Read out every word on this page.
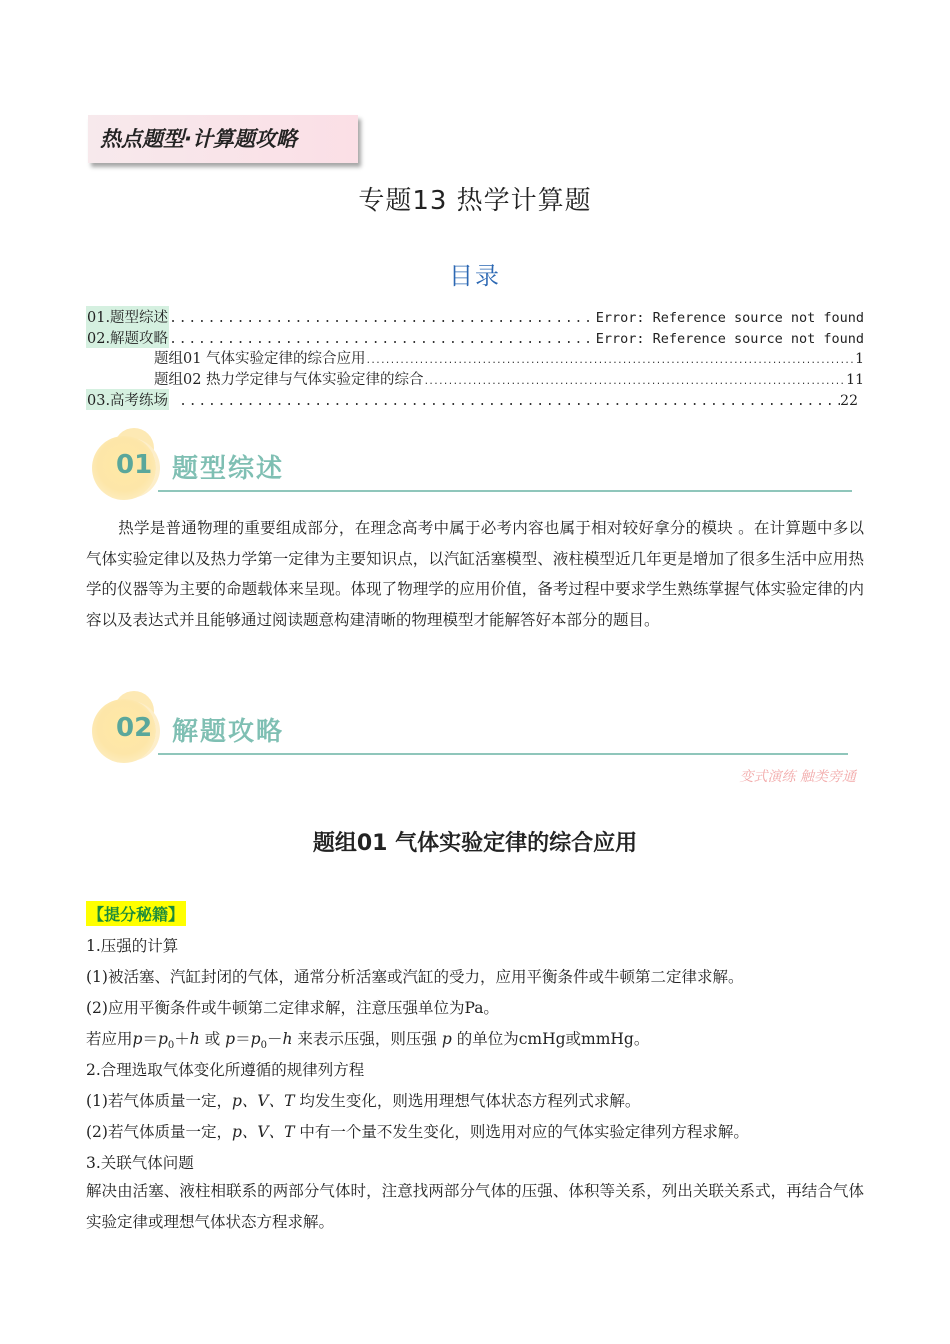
热点题型·计算题攻略
专题13 热学计算题
目录
01.题型综述 . . .	Error: Reference source not found
02.解题攻略 . . .	Error: Reference source not found
题组01 气体实验定律的综合应用 . . .	1
题组02 热力学定律与气体实验定律的综合 . . .	11
03.高考练场 . . .	22
01 题型综述
热学是普通物理的重要组成部分，在理念高考中属于必考内容也属于相对较好拿分的模块 。在计算题中多以气体实验定律以及热力学第一定律为主要知识点，以汽缸活塞模型、液柱模型近几年更是增加了很多生活中应用热学的仪器等为主要的命题载体来呈现。体现了物理学的应用价值，备考过程中要求学生熟练掌握气体实验定律的内容以及表达式并且能够通过阅读题意构建清晰的物理模型才能解答好本部分的题目。
02 解题攻略
变式演练 触类旁通
题组01 气体实验定律的综合应用
【提分秘籍】
1.压强的计算
(1)被活塞、汽缸封闭的气体，通常分析活塞或汽缸的受力，应用平衡条件或牛顿第二定律求解。
(2)应用平衡条件或牛顿第二定律求解，注意压强单位为Pa。
若应用$p=p_0+h$ 或 $p=p_0-h$ 来表示压强，则压强 p 的单位为cmHg或mmHg。
2.合理选取气体变化所遵循的规律列方程
(1)若气体质量一定，p、V、T 均发生变化，则选用理想气体状态方程列式求解。
(2)若气体质量一定，p、V、T 中有一个量不发生变化，则选用对应的气体实验定律列方程求解。
3.关联气体问题
解决由活塞、液柱相联系的两部分气体时，注意找两部分气体的压强、体积等关系，列出关联关系式，再结合气体实验定律或理想气体状态方程求解。
